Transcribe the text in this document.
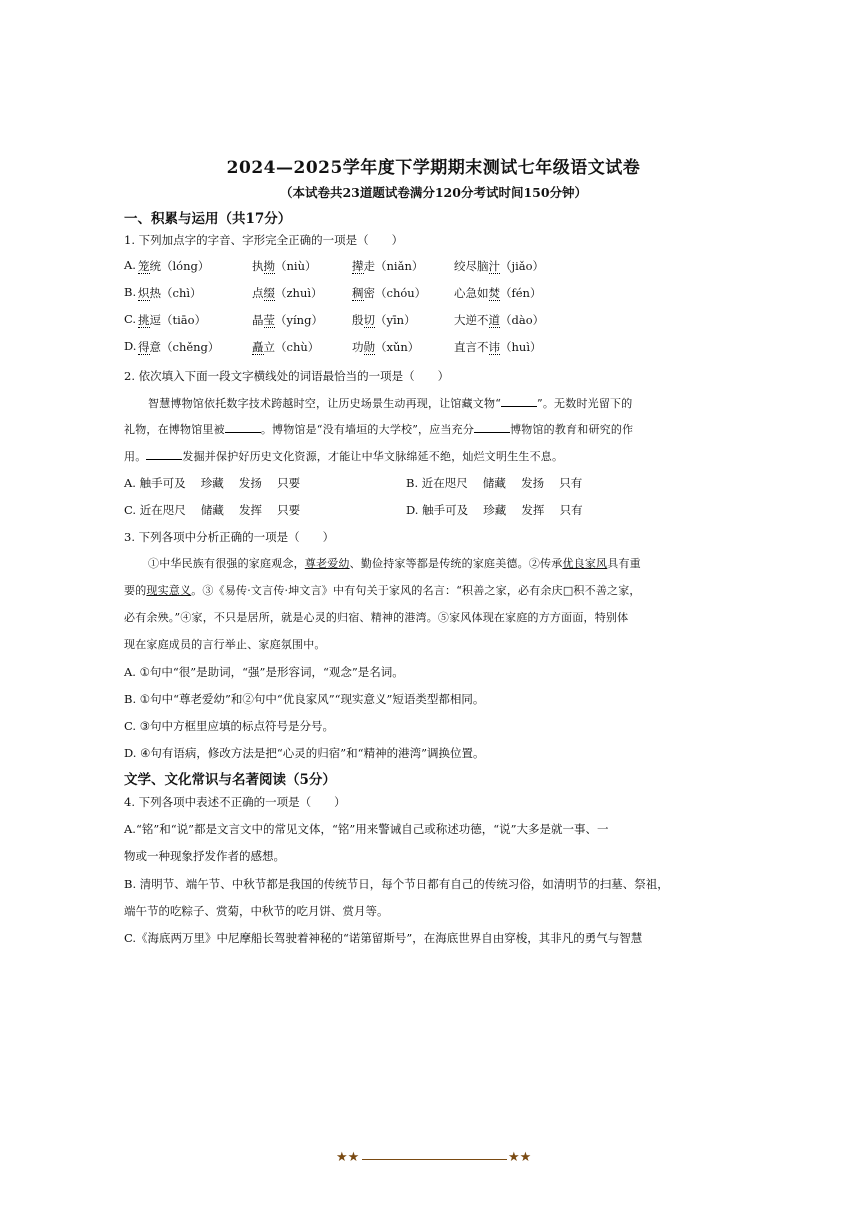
2024—2025学年度下学期期末测试七年级语文试卷
（本试卷共23道题试卷满分120分考试时间150分钟）
一、积累与运用（共17分）
1. 下列加点字的字音、字形完全正确的一项是（　　）
A. 笼统（lóng）	执拗（niù）	撵走（niǎn）	绞尽脑汁（jiǎo）
B. 炽热（chì）	点缀（zhuì）	稠密（chóu） 心急如焚（fén）
C. 挑逗（tiāo）	晶莹（yíng）	殷切（yīn）	大逆不道（dào）
D. 得意（chěng）	矗立（chù）	功勋（xǔn）	直言不讳（huì）
2. 依次填入下面一段文字横线处的词语最恰当的一项是（　　）
智慧博物馆依托数字技术跨越时空，让历史场景生动再现，让馆藏文物“	”。无数时光留下的
礼物，在博物馆里被	。博物馆是“没有墙垣的大学校”，应当充分	博物馆的教育和研究的作
用。	发掘并保护好历史文化资源，才能让中华文脉绵延不绝，灿烂文明生生不息。
A. 触手可及　 珍藏　 发扬　 只要	B. 近在咫尺　 储藏　 发扬　 只有
C. 近在咫尺　 储藏　 发挥　 只要	D. 触手可及　 珍藏　 发挥　 只有
3. 下列各项中分析正确的一项是（　　）
①中华民族有很强的家庭观念，尊老爱幼、勤俭持家等都是传统的家庭美德。②传承优良家风具有重
要的现实意义。③《易传·文言传·坤文言》中有句关于家风的名言：“积善之家，必有余庆□积不善之家，
必有余殃。”④家，不只是居所，就是心灵的归宿、精神的港湾。⑤家风体现在家庭的方方面面，特别体
现在家庭成员的言行举止、家庭氛围中。
A. ①句中“很”是助词，“强”是形容词，“观念”是名词。
B. ①句中“尊老爱幼”和②句中“优良家风”“现实意义”短语类型都相同。
C. ③句中方框里应填的标点符号是分号。
D. ④句有语病，修改方法是把“心灵的归宿”和“精神的港湾”调换位置。
文学、文化常识与名著阅读（5分）
4. 下列各项中表述不正确的一项是（　　）
A.“铭”和“说”都是文言文中的常见文体，“铭”用来警诫自己或称述功德，“说”大多是就一事、一
物或一种现象抒发作者的感想。
B. 清明节、端午节、中秋节都是我国的传统节日，每个节日都有自己的传统习俗，如清明节的扫墓、祭祖，
端午节的吃粽子、赏菊，中秋节的吃月饼、赏月等。
C.《海底两万里》中尼摩船长驾驶着神秘的“诺第留斯号”，在海底世界自由穿梭，其非凡的勇气与智慧
★★	★★
